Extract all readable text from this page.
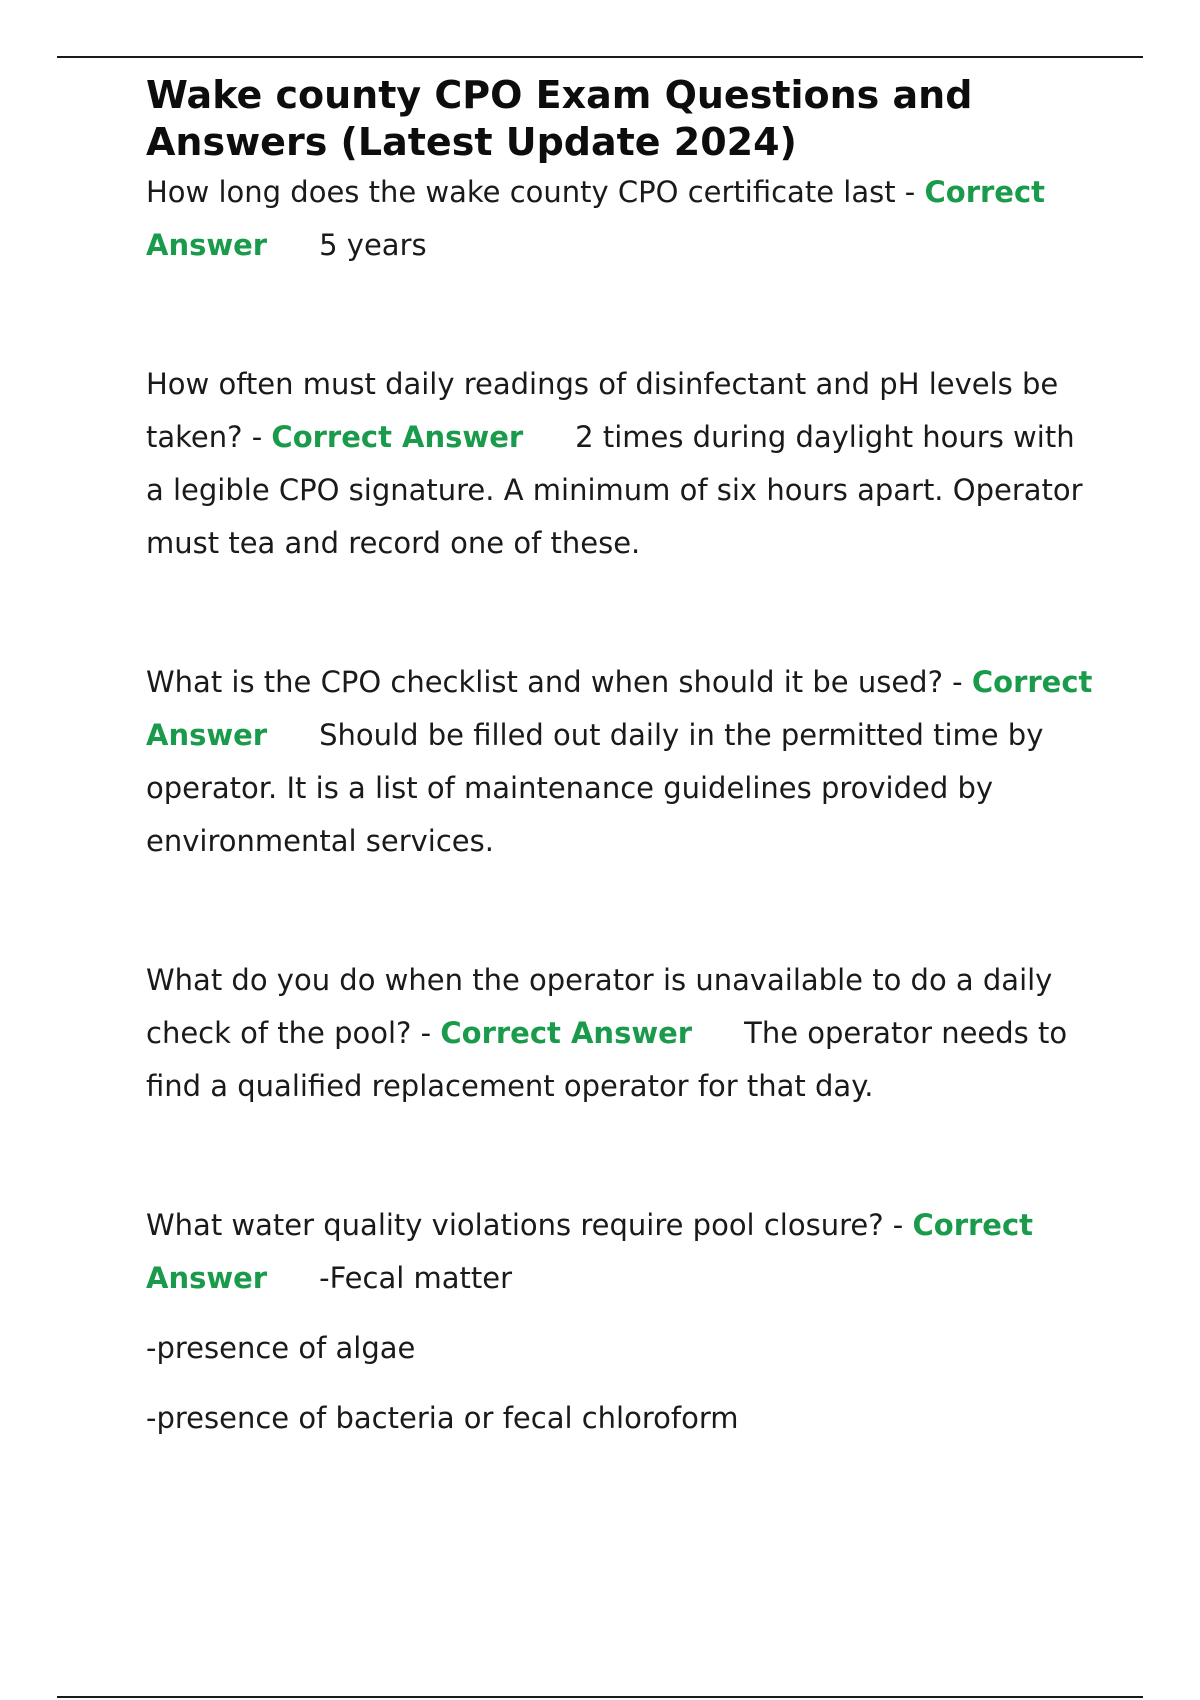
Wake county CPO Exam Questions and Answers (Latest Update 2024)

How long does the wake county CPO certificate last - Correct Answer 5 years

How often must daily readings of disinfectant and pH levels be taken? - Correct Answer 2 times during daylight hours with a legible CPO signature. A minimum of six hours apart. Operator must tea and record one of these.

What is the CPO checklist and when should it be used? - Correct Answer Should be filled out daily in the permitted time by operator. It is a list of maintenance guidelines provided by environmental services.

What do you do when the operator is unavailable to do a daily check of the pool? - Correct Answer The operator needs to find a qualified replacement operator for that day.

What water quality violations require pool closure? - Correct Answer -Fecal matter

-presence of algae

-presence of bacteria or fecal chloroform
